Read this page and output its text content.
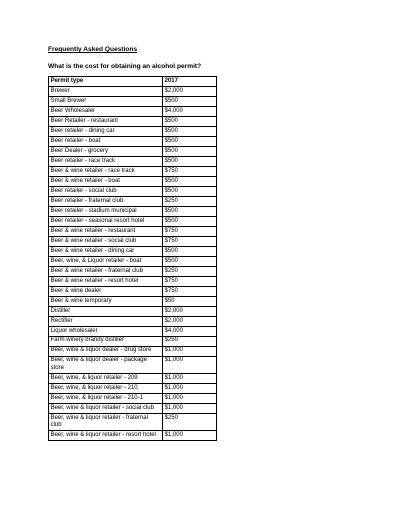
Frequently Asked Questions
What is the cost for obtaining an alcohol permit?
Permit type	2017
Brewer	$2,000
Small Brewer	$500
Beer Wholesaler	$4,000
Beer Retailer - restaurant	$500
Beer retailer - dining car	$500
Beer retailer - boat	$500
Beer Dealer - grocery	$500
Beer retailer - race track	$500
Beer & wine retailer - race track	$750
Beer & wine retailer - boat	$500
Beer retailer - social club	$500
Beer retailer - fraternal club	$250
Beer retailer - stadium municipal	$500
Beer retailer - seasonal resort hotel	$500
Beer & wine retailer - restaurant	$750
Beer & wine retailer - social club	$750
Beer & wine retailer - dining car	$500
Beer, wine, & Liquor retailer - boat	$500
Beer & wine retailer - fraternal club	$250
Beer & wine retailer - resort hotel	$750
Beer & wine dealer	$750
Beer & wine temporary	$50
Distiller	$2,000
Rectifier	$2,000
Liquor wholesaler	$4,000
Farm winery brandy distiller	$250
Beer, wine & liquor dealer - drug store	$1,000
Beer, wine & liquor dealer - package store	$1,000
Beer, wine, & liquor retailer - 209	$1,000
Beer, wine, & liquor retailer - 210	$1,000
Beer, wine, & liquor retailer - 210-1	$1,000
Beer, wine & liquor retailer - social club	$1,000
Beer, wine & liquor retailer - fraternal club	$250
Beer, wine & liquor retailer - resort hotel	$1,000
